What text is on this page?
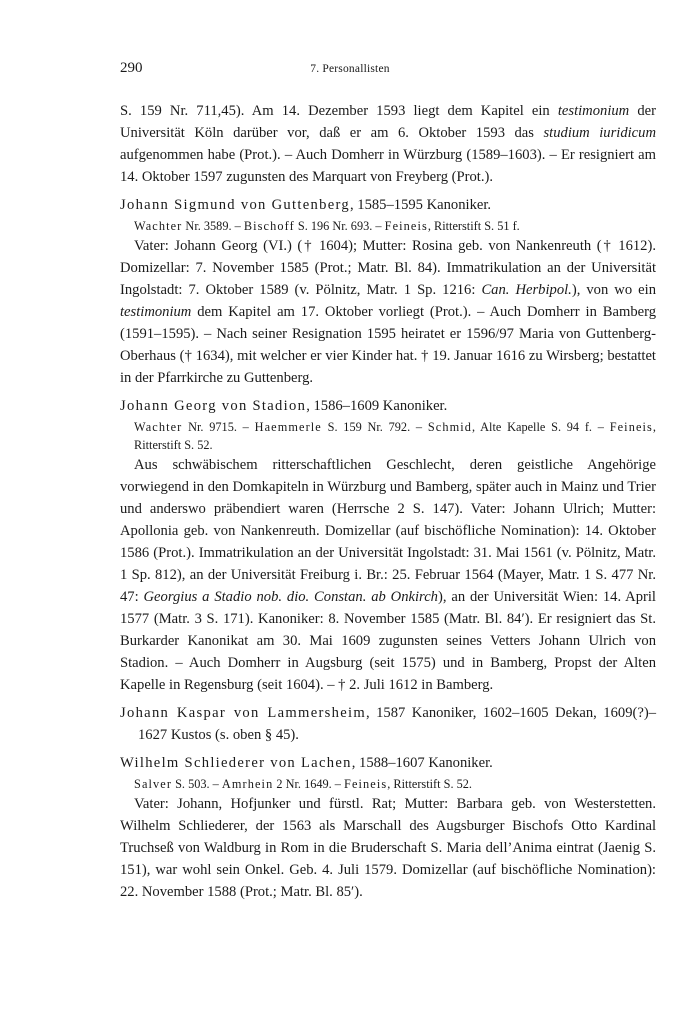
290	7. Personallisten

S. 159 Nr. 711,45). Am 14. Dezember 1593 liegt dem Kapitel ein testimonium der Universität Köln darüber vor, daß er am 6. Oktober 1593 das studium iuridicum aufgenommen habe (Prot.). – Auch Domherr in Würzburg (1589–1603). – Er resigniert am 14. Oktober 1597 zugunsten des Marquart von Freyberg (Prot.).

Johann Sigmund von Guttenberg, 1585–1595 Kanoniker.
Wachter Nr. 3589. – Bischoff S. 196 Nr. 693. – Feineis, Ritterstift S. 51 f.

Vater: Johann Georg (VI.) († 1604); Mutter: Rosina geb. von Nankenreuth († 1612). Domizellar: 7. November 1585 (Prot.; Matr. Bl. 84). Immatrikulation an der Universität Ingolstadt: 7. Oktober 1589 (v. Pölnitz, Matr. 1 Sp. 1216: Can. Herbipol.), von wo ein testimonium dem Kapitel am 17. Oktober vorliegt (Prot.). – Auch Domherr in Bamberg (1591–1595). – Nach seiner Resignation 1595 heiratet er 1596/97 Maria von Guttenberg-Oberhaus († 1634), mit welcher er vier Kinder hat. † 19. Januar 1616 zu Wirsberg; bestattet in der Pfarrkirche zu Guttenberg.

Johann Georg von Stadion, 1586–1609 Kanoniker.
Wachter Nr. 9715. – Haemmerle S. 159 Nr. 792. – Schmid, Alte Kapelle S. 94 f. – Feineis, Ritterstift S. 52.

Aus schwäbischem ritterschaftlichen Geschlecht, deren geistliche Angehörige vorwiegend in den Domkapiteln in Würzburg und Bamberg, später auch in Mainz und Trier und anderswo präbendiert waren (Herrsche 2 S. 147). Vater: Johann Ulrich; Mutter: Apollonia geb. von Nankenreuth. Domizellar (auf bischöfliche Nomination): 14. Oktober 1586 (Prot.). Immatrikulation an der Universität Ingolstadt: 31. Mai 1561 (v. Pölnitz, Matr. 1 Sp. 812), an der Universität Freiburg i. Br.: 25. Februar 1564 (Mayer, Matr. 1 S. 477 Nr. 47: Georgius a Stadio nob. dio. Constan. ab Onkirch), an der Universität Wien: 14. April 1577 (Matr. 3 S. 171). Kanoniker: 8. November 1585 (Matr. Bl. 84′). Er resigniert das St. Burkarder Kanonikat am 30. Mai 1609 zugunsten seines Vetters Johann Ulrich von Stadion. – Auch Domherr in Augsburg (seit 1575) und in Bamberg, Propst der Alten Kapelle in Regensburg (seit 1604). – † 2. Juli 1612 in Bamberg.

Johann Kaspar von Lammersheim, 1587 Kanoniker, 1602–1605 Dekan, 1609(?)–1627 Kustos (s. oben § 45).
Wilhelm Schliederer von Lachen, 1588–1607 Kanoniker.
Salver S. 503. – Amrhein 2 Nr. 1649. – Feineis, Ritterstift S. 52.

Vater: Johann, Hofjunker und fürstl. Rat; Mutter: Barbara geb. von Westerstetten. Wilhelm Schliederer, der 1563 als Marschall des Augsburger Bischofs Otto Kardinal Truchseß von Waldburg in Rom in die Bruderschaft S. Maria dell’Anima eintrat (Jaenig S. 151), war wohl sein Onkel. Geb. 4. Juli 1579. Domizellar (auf bischöfliche Nomination): 22. November 1588 (Prot.; Matr. Bl. 85′).
